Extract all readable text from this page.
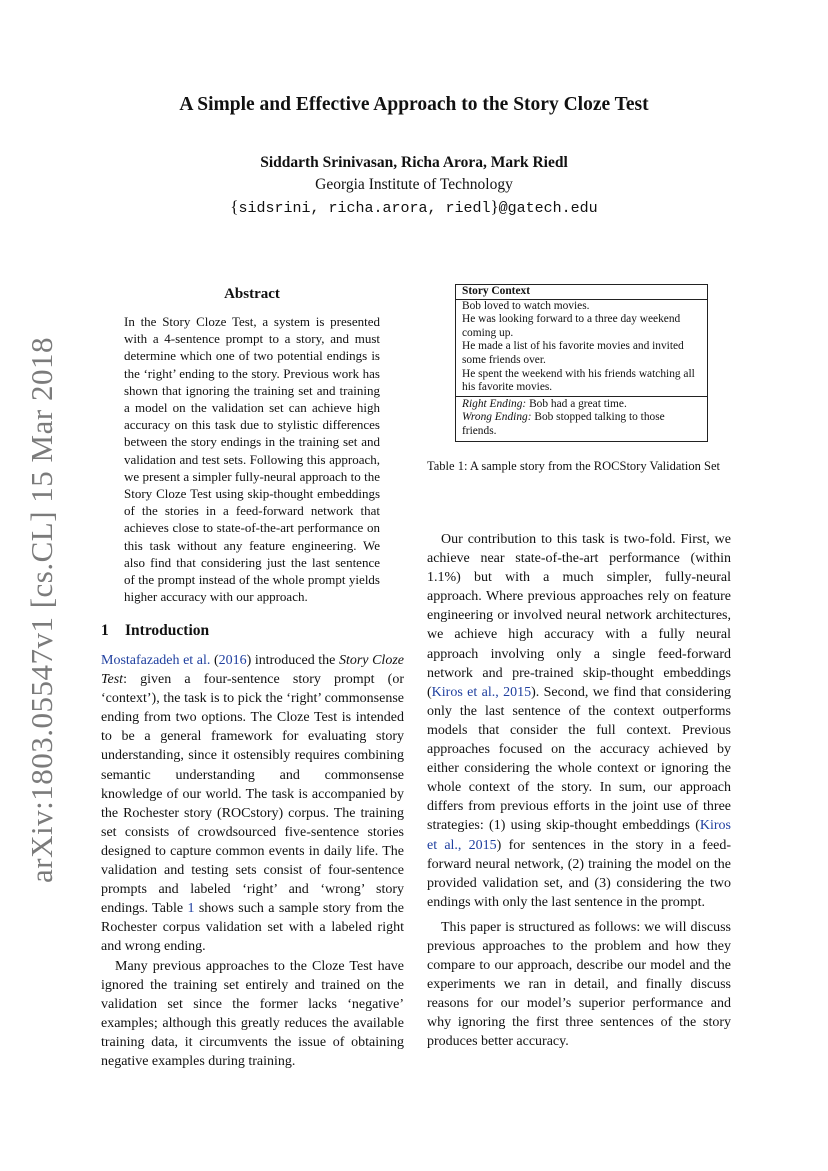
arXiv:1803.05547v1 [cs.CL] 15 Mar 2018
A Simple and Effective Approach to the Story Cloze Test
Siddarth Srinivasan, Richa Arora, Mark Riedl
Georgia Institute of Technology
{sidsrini, richa.arora, riedl}@gatech.edu
Abstract
In the Story Cloze Test, a system is presented with a 4-sentence prompt to a story, and must determine which one of two potential endings is the ‘right’ ending to the story. Previous work has shown that ignoring the training set and training a model on the validation set can achieve high accuracy on this task due to stylistic differences between the story endings in the training set and validation and test sets. Following this approach, we present a simpler fully-neural approach to the Story Cloze Test using skip-thought embeddings of the stories in a feed-forward network that achieves close to state-of-the-art performance on this task without any feature engineering. We also find that considering just the last sentence of the prompt instead of the whole prompt yields higher accuracy with our approach.
1 Introduction

Mostafazadeh et al. (2016) introduced the Story Cloze Test: given a four-sentence story prompt (or ‘context’), the task is to pick the ‘right’ commonsense ending from two options. The Cloze Test is intended to be a general framework for evaluating story understanding, since it ostensibly requires combining semantic understanding and commonsense knowledge of our world. The task is accompanied by the Rochester story (ROCstory) corpus. The training set consists of crowdsourced five-sentence stories designed to capture common events in daily life. The validation and testing sets consist of four-sentence prompts and labeled ‘right’ and ‘wrong’ story endings. Table 1 shows such a sample story from the Rochester corpus validation set with a labeled right and wrong ending.

Many previous approaches to the Cloze Test have ignored the training set entirely and trained on the validation set since the former lacks ‘negative’ examples; although this greatly reduces the available training data, it circumvents the issue of obtaining negative examples during training.

Story Context
Bob loved to watch movies.
He was looking forward to a three day weekend coming up.
He made a list of his favorite movies and invited some friends over.
He spent the weekend with his friends watching all his favorite movies.
Right Ending: Bob had a great time.
Wrong Ending: Bob stopped talking to those friends.
Table 1: A sample story from the ROCStory Validation Set

Our contribution to this task is two-fold. First, we achieve near state-of-the-art performance (within 1.1%) but with a much simpler, fully-neural approach. Where previous approaches rely on feature engineering or involved neural network architectures, we achieve high accuracy with a fully neural approach involving only a single feed-forward network and pre-trained skip-thought embeddings (Kiros et al., 2015). Second, we find that considering only the last sentence of the context outperforms models that consider the full context. Previous approaches focused on the accuracy achieved by either considering the whole context or ignoring the whole context of the story. In sum, our approach differs from previous efforts in the joint use of three strategies: (1) using skip-thought embeddings (Kiros et al., 2015) for sentences in the story in a feed-forward neural network, (2) training the model on the provided validation set, and (3) considering the two endings with only the last sentence in the prompt.

This paper is structured as follows: we will discuss previous approaches to the problem and how they compare to our approach, describe our model and the experiments we ran in detail, and finally discuss reasons for our model’s superior performance and why ignoring the first three sentences of the story produces better accuracy.
